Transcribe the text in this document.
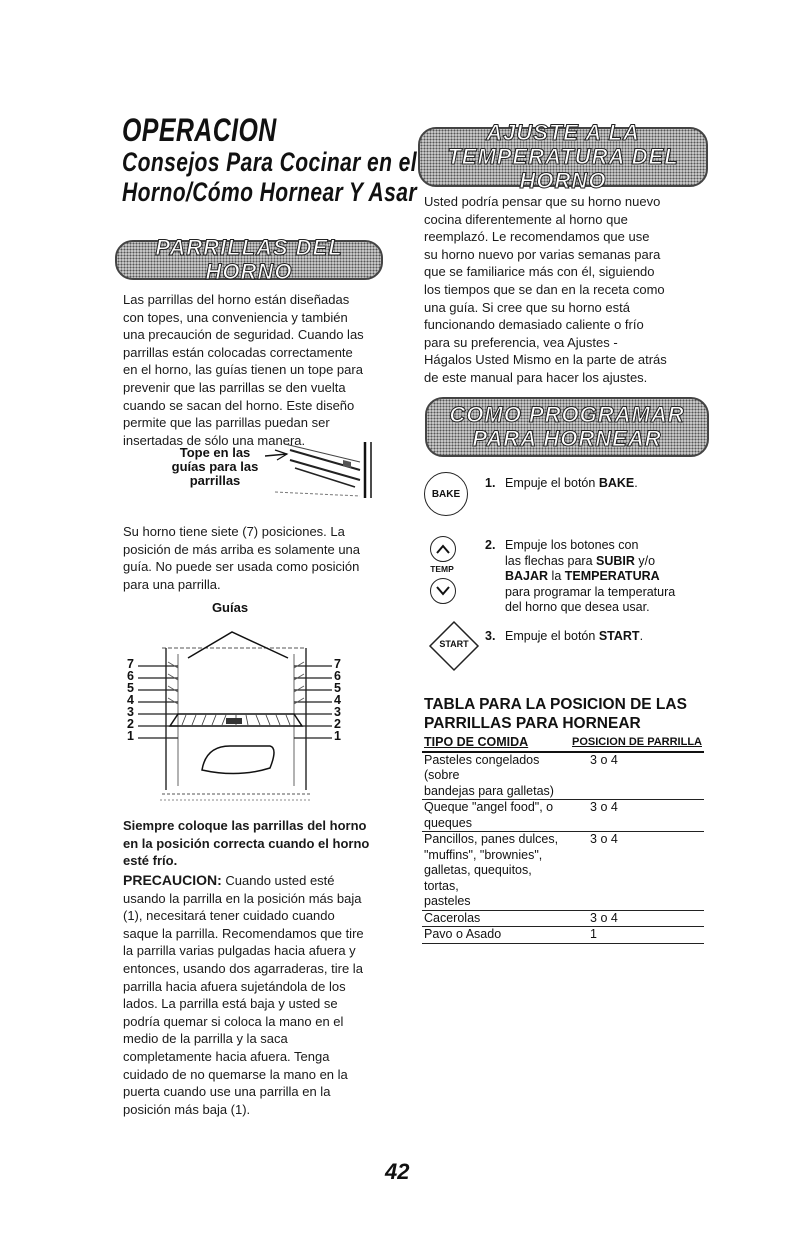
OPERACION
Consejos Para Cocinar en el
Horno/Cómo Hornear Y Asar
PARRILLAS DEL HORNO
Las parrillas del horno están diseñadas
con topes, una conveniencia y también
una precaución de seguridad. Cuando las
parrillas están colocadas correctamente
en el horno, las guías tienen un tope para
prevenir que las parrillas se den vuelta
cuando se sacan del horno. Este diseño
permite que las parrillas puedan ser
insertadas de sólo una manera.
Tope en las
guías para las
parrillas
Su horno tiene siete (7) posiciones. La
posición de más arriba es solamente una
guía. No puede ser usada como posición
para una parrilla.
Guías
7
6
5
4
3
2
1
7
6
5
4
3
2
1
Siempre coloque las parrillas del horno
en la posición correcta cuando el horno
esté frío.
PRECAUCION: Cuando usted esté
usando la parrilla en la posición más baja
(1), necesitará tener cuidado cuando
saque la parrilla. Recomendamos que tire
la parrilla varias pulgadas hacia afuera y
entonces, usando dos agarraderas, tire la
parrilla hacia afuera sujetándola de los
lados. La parrilla está baja y usted se
podría quemar si coloca la mano en el
medio de la parrilla y la saca
completamente hacia afuera. Tenga
cuidado de no quemarse la mano en la
puerta cuando use una parrilla en la
posición más baja (1).
AJUSTE A LA
TEMPERATURA DEL HORNO
Usted podría pensar que su horno nuevo
cocina diferentemente al horno que
reemplazó. Le recomendamos que use
su horno nuevo por varias semanas para
que se familiarice más con él, siguiendo
los tiempos que se dan en la receta como
una guía. Si cree que su horno está
funcionando demasiado caliente o frío
para su preferencia, vea Ajustes -
Hágalos Usted Mismo en la parte de atrás
de este manual para hacer los ajustes.
COMO PROGRAMAR
PARA HORNEAR
BAKE
TEMP
START
1. Empuje el botón BAKE.
2. Empuje los botones con
las flechas para SUBIR y/o
BAJAR la TEMPERATURA
para programar la temperatura
del horno que desea usar.
3. Empuje el botón START.
TABLA PARA LA POSICION DE LAS
PARRILLAS PARA HORNEAR
TIPO DE COMIDA	POSICION DE PARRILLA

Pasteles congelados (sobre
bandejas para galletas)	3 o 4

Queque "angel food", o
queques	3 o 4

Pancillos, panes dulces,
"muffins", "brownies",
galletas, quequitos, tortas,
pasteles	3 o 4

Cacerolas	3 o 4

Pavo o Asado	1
42
